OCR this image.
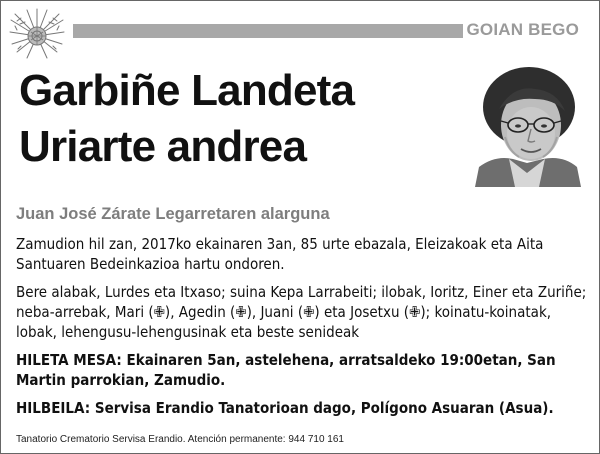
GOIAN BEGO
Garbiñe Landeta
Uriarte andrea
Juan José Zárate Legarretaren alarguna

Zamudion hil zan, 2017ko ekainaren 3an, 85 urte ebazala, Eleizakoak eta Aita Santuaren Bedeinkazioa hartu ondoren.

Bere alabak, Lurdes eta Itxaso; suina Kepa Larrabeiti; ilobak, Ioritz, Einer eta Zuriñe; neba-arrebak, Mari (✙), Agedin (✙), Juani (✙) eta Josetxu (✙); koinatu-koinatak, lobak, lehengusu-lehengusinak eta beste senideak

HILETA MESA: Ekainaren 5an, astelehena, arratsaldeko 19:00etan, San Martin parrokian, Zamudio.

HILBEILA: Servisa Erandio Tanatorioan dago, Polígono Asuaran (Asua).

Tanatorio Crematorio Servisa Erandio. Atención permanente: 944 710 161
